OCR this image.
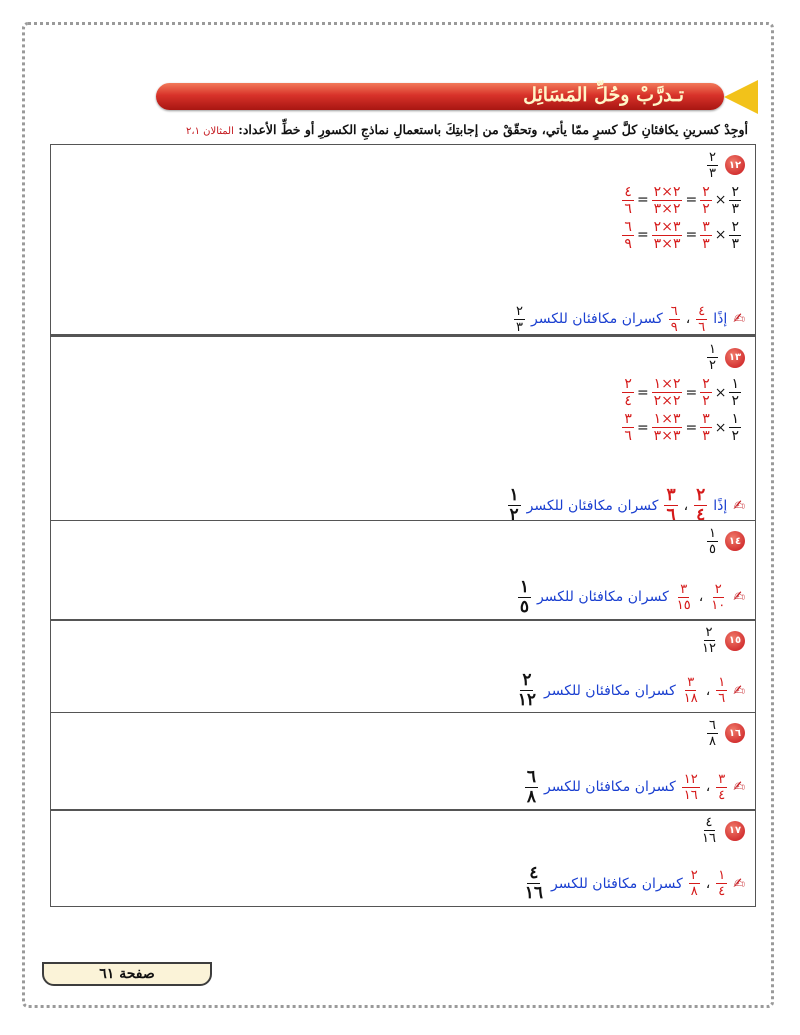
تـدرَّبْ وحُلِّ المَسَائِل
أوجِدْ كسرينِ يكافئانِ كلَّ كسرٍ ممّا يأتي، وتحقّقْ من إجابتِكَ باستعمالِ نماذجِ الكسورِ أو خطِّ الأعداد: المثالان ٢،١
١٢
$\frac{٢}{٣}$
$\frac{٤}{٦} = \frac{٢\times ٢}{٢\times ٣} = \frac{٢}{٢} \times \frac{٢}{٣}$
$\frac{٦}{٩} = \frac{٣\times ٢}{٣\times ٣} = \frac{٣}{٣} \times \frac{٢}{٣}$
✍
إذًا
$\frac{٤}{٦}$
،
$\frac{٦}{٩}$
كسران مكافئان للكسر
$\frac{٢}{٣}$
١٣
$\frac{١}{٢}$
$\frac{٢}{٤} = \frac{٢\times ١}{٢\times ٢} = \frac{٢}{٢} \times \frac{١}{٢}$
$\frac{٣}{٦} = \frac{٣\times ١}{٣\times ٣} = \frac{٣}{٣} \times \frac{١}{٢}$
✍
إذًا
$\frac{٢}{٤}$
،
$\frac{٣}{٦}$
كسران مكافئان للكسر
$\frac{١}{٢}$
١٤
$\frac{١}{٥}$
✍
$\frac{٢}{١٠}$
،
$\frac{٣}{١٥}$
كسران مكافئان للكسر
$\frac{١}{٥}$
١٥
$\frac{٢}{١٢}$
✍
$\frac{١}{٦}$
،
$\frac{٣}{١٨}$
كسران مكافئان للكسر
$\frac{٢}{١٢}$
١٦
$\frac{٦}{٨}$
✍
$\frac{٣}{٤}$
،
$\frac{١٢}{١٦}$
كسران مكافئان للكسر
$\frac{٦}{٨}$
١٧
$\frac{٤}{١٦}$
✍
$\frac{١}{٤}$
،
$\frac{٢}{٨}$
كسران مكافئان للكسر
$\frac{٤}{١٦}$
صفحة ٦١
